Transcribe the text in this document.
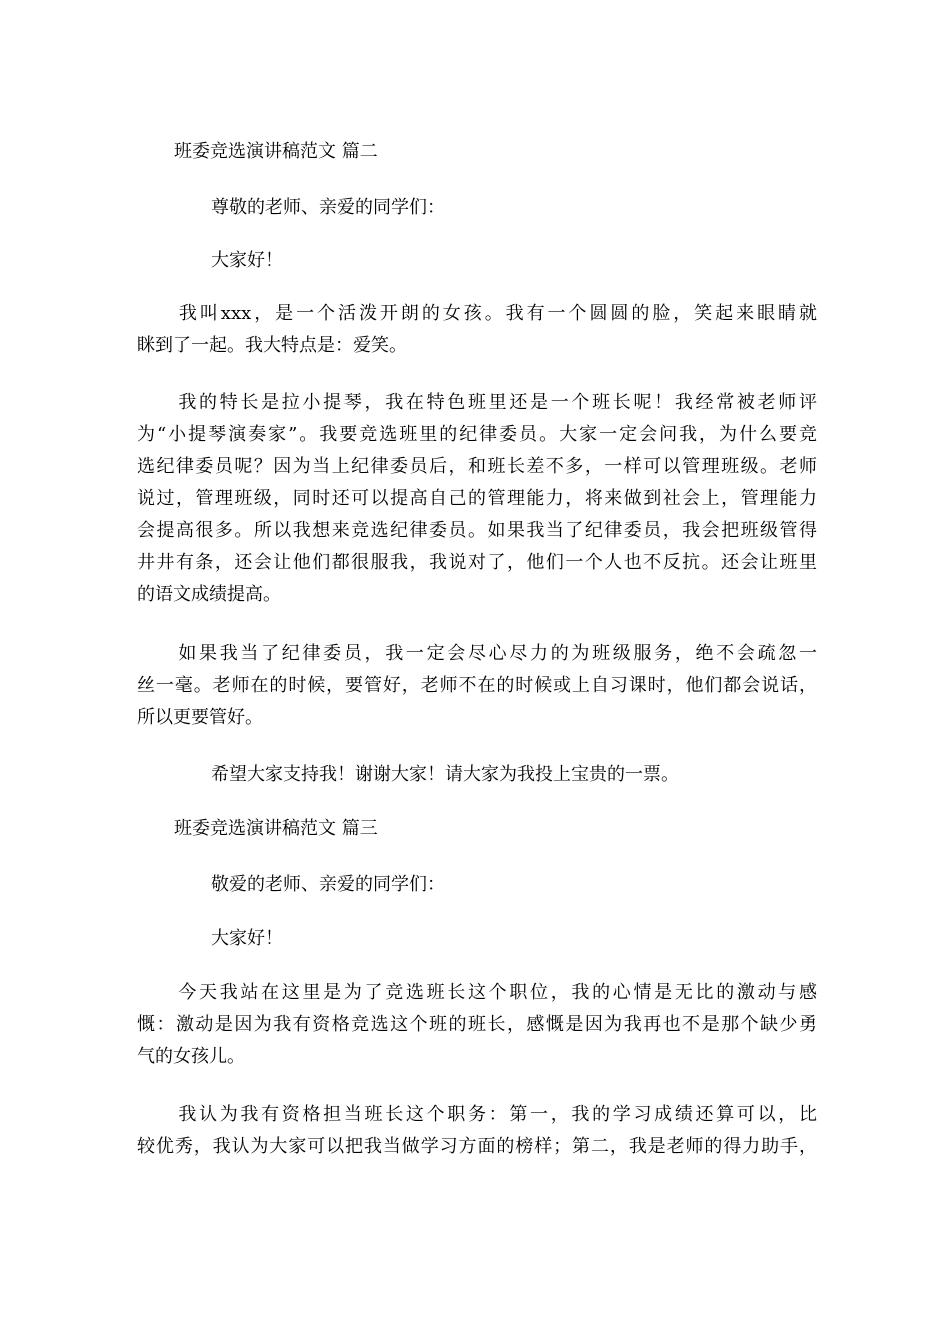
班委竞选演讲稿范文 篇二

尊敬的老师、亲爱的同学们：

大家好！

　　我叫xxx，是一个活泼开朗的女孩。我有一个圆圆的脸，笑起来眼睛就
眯到了一起。我大特点是：爱笑。
　　我的特长是拉小提琴，我在特色班里还是一个班长呢！我经常被老师评
为“小提琴演奏家”。我要竞选班里的纪律委员。大家一定会问我，为什么要竞
选纪律委员呢？因为当上纪律委员后，和班长差不多，一样可以管理班级。老师
说过，管理班级，同时还可以提高自己的管理能力，将来做到社会上，管理能力
会提高很多。所以我想来竞选纪律委员。如果我当了纪律委员，我会把班级管得
井井有条，还会让他们都很服我，我说对了，他们一个人也不反抗。还会让班里
的语文成绩提高。
　　如果我当了纪律委员，我一定会尽心尽力的为班级服务，绝不会疏忽一
丝一毫。老师在的时候，要管好，老师不在的时候或上自习课时，他们都会说话，
所以更要管好。

希望大家支持我！谢谢大家！请大家为我投上宝贵的一票。

班委竞选演讲稿范文 篇三

敬爱的老师、亲爱的同学们：

大家好！

　　今天我站在这里是为了竞选班长这个职位，我的心情是无比的激动与感
慨：激动是因为我有资格竞选这个班的班长，感慨是因为我再也不是那个缺少勇
气的女孩儿。
　　我认为我有资格担当班长这个职务：第一，我的学习成绩还算可以，比
较优秀，我认为大家可以把我当做学习方面的榜样；第二，我是老师的得力助手，
